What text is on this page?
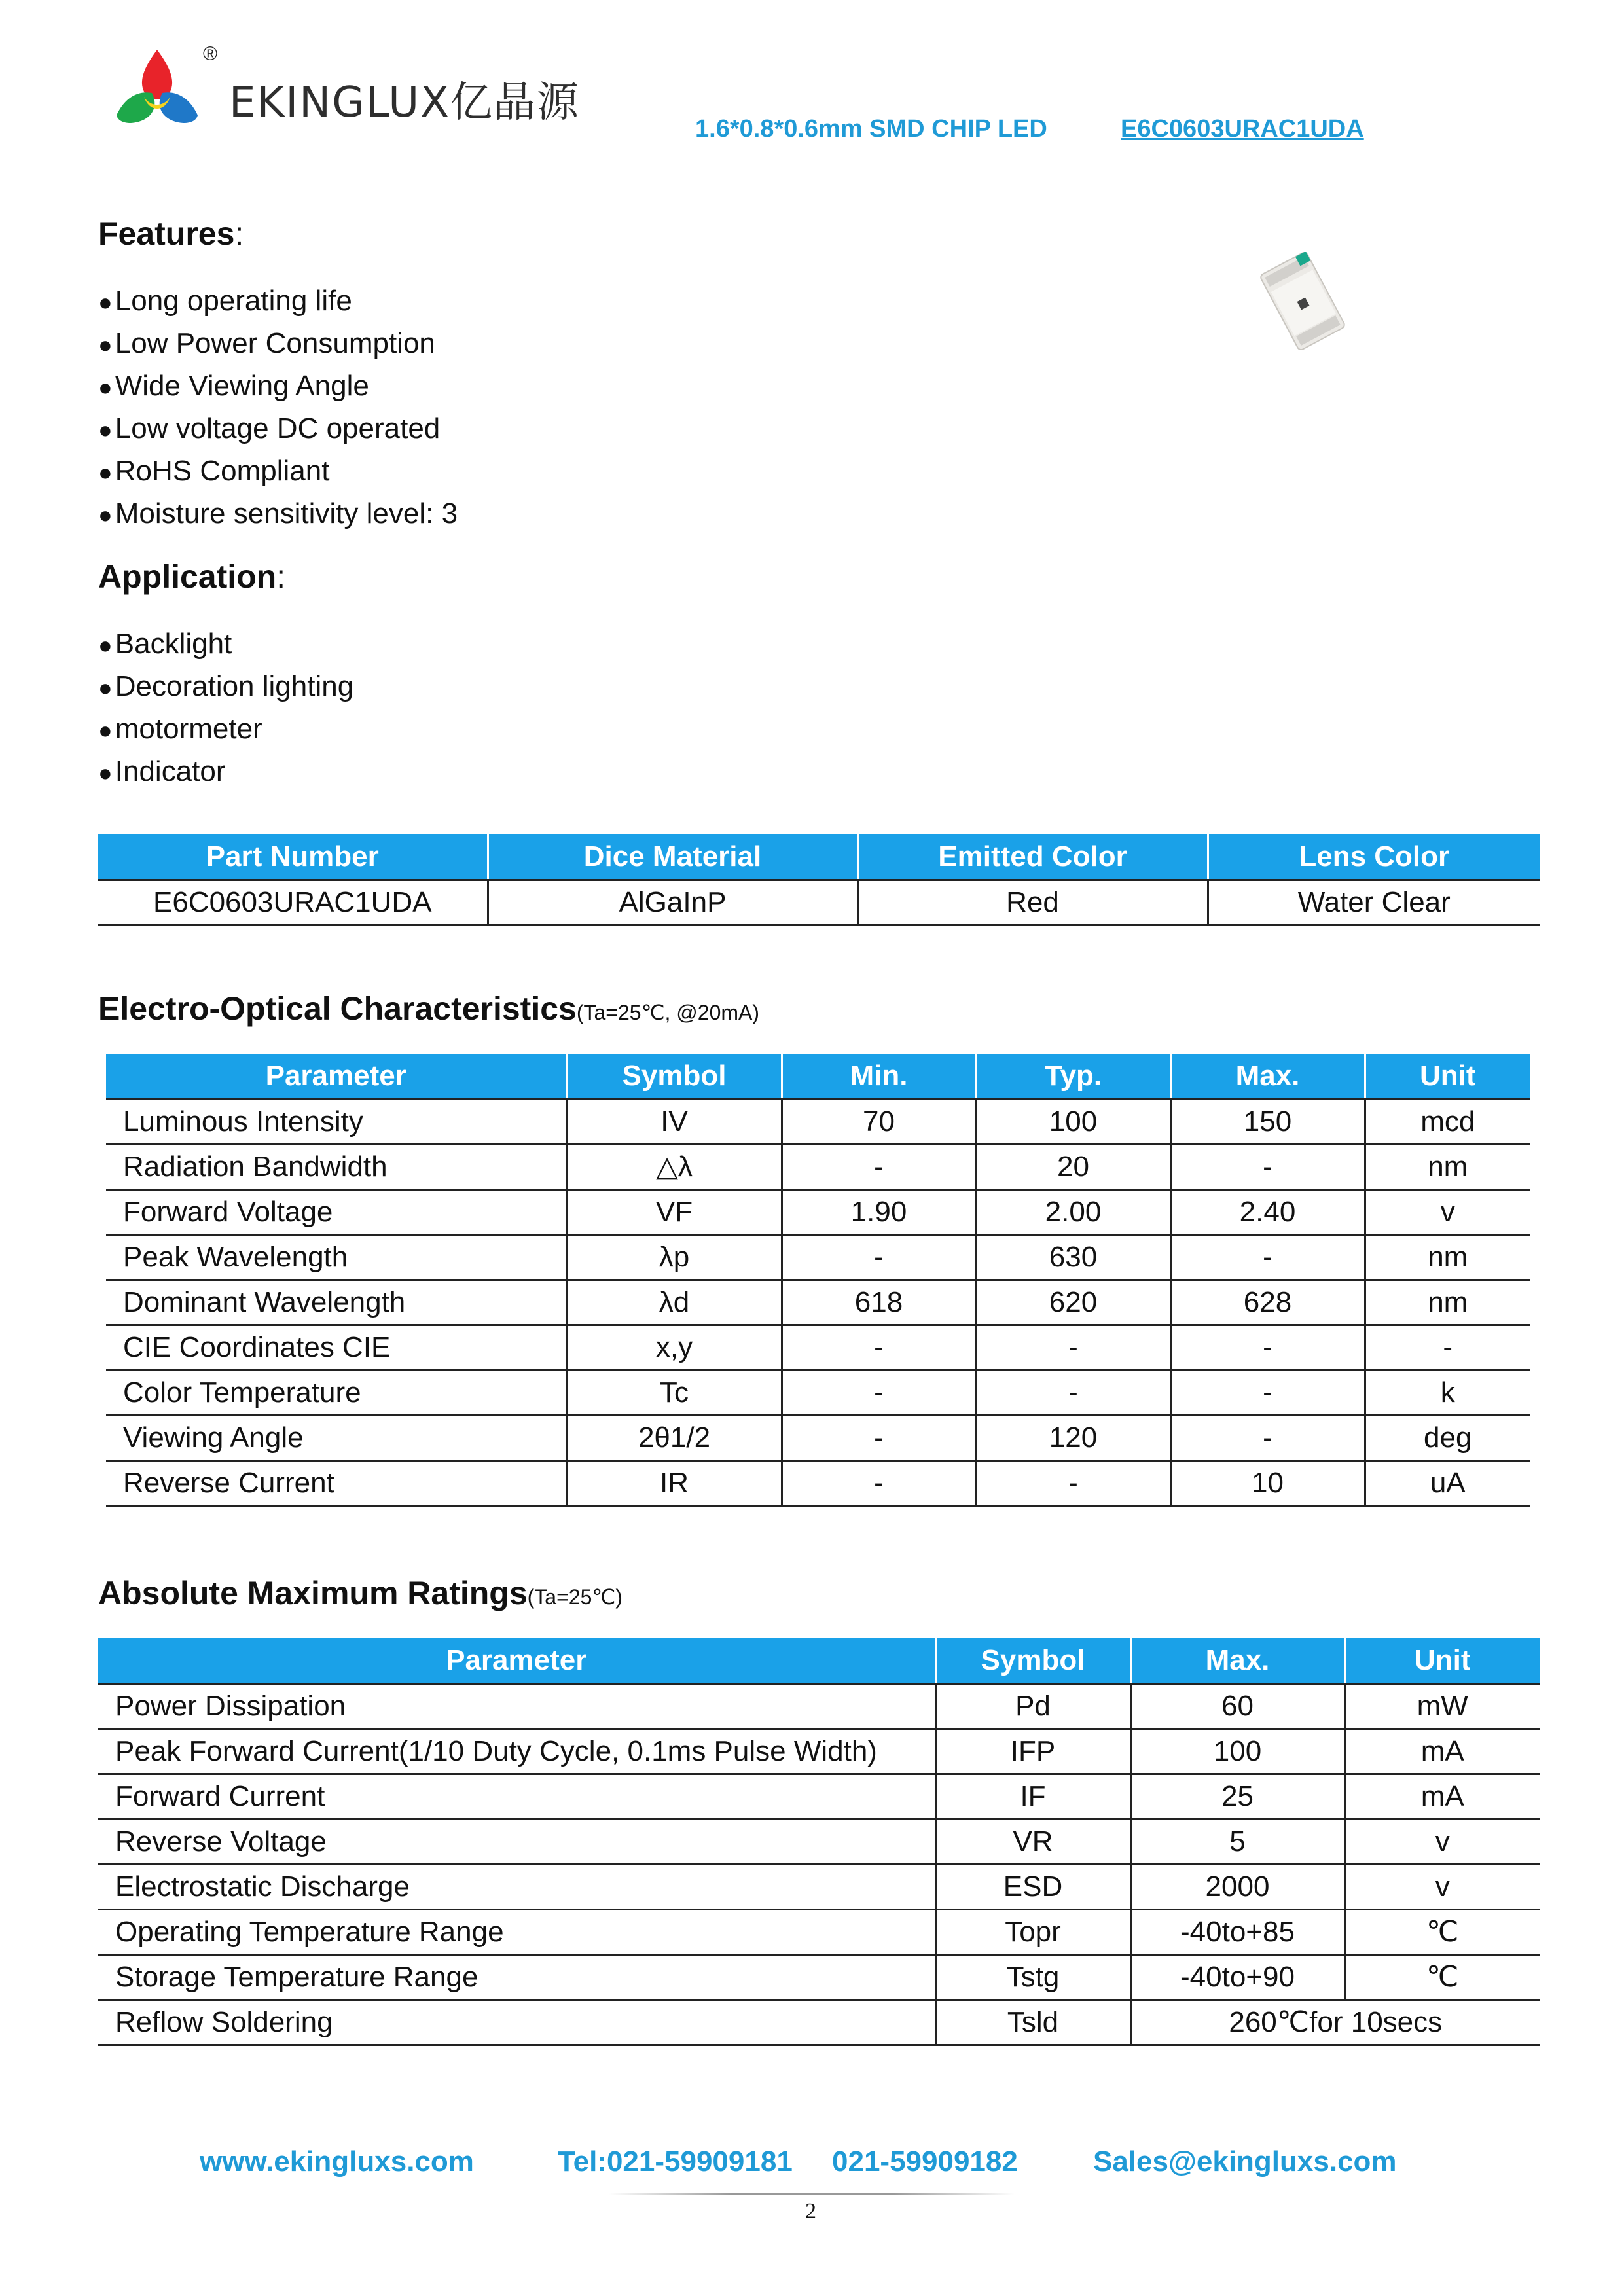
®
EKINGLUX亿晶源
1.6*0.8*0.6mm SMD CHIP LED	E6C0603URAC1UDA
Features:
● Long operating life
● Low Power Consumption
● Wide Viewing Angle
● Low voltage DC operated
● RoHS Compliant
● Moisture sensitivity level: 3
Application:
● Backlight
● Decoration lighting
● motormeter
● Indicator
Part Number	Dice Material	Emitted Color	Lens Color
E6C0603URAC1UDA	AlGaInP	Red	Water Clear
Electro-Optical Characteristics(Ta=25℃, @20mA)
Parameter	Symbol	Min.	Typ.	Max.	Unit
Luminous Intensity	IV	70	100	150	mcd
Radiation Bandwidth	△λ	-	20	-	nm
Forward Voltage	VF	1.90	2.00	2.40	v
Peak Wavelength	λp	-	630	-	nm
Dominant Wavelength	λd	618	620	628	nm
CIE Coordinates CIE	x,y	-	-	-	-
Color Temperature	Tc	-	-	-	k
Viewing Angle	2θ1/2	-	120	-	deg
Reverse Current	IR	-	-	10	uA
Absolute Maximum Ratings(Ta=25℃)
Parameter	Symbol	Max.	Unit
Power Dissipation	Pd	60	mW
Peak Forward Current(1/10 Duty Cycle, 0.1ms Pulse Width)	IFP	100	mA
Forward Current	IF	25	mA
Reverse Voltage	VR	5	v
Electrostatic Discharge	ESD	2000	v
Operating Temperature Range	Topr	-40to+85	℃
Storage Temperature Range	Tstg	-40to+90	℃
Reflow Soldering	Tsld	260℃for 10secs	
www.ekingluxs.com	Tel:021-59909181 021-59909182	Sales@ekingluxs.com
2
